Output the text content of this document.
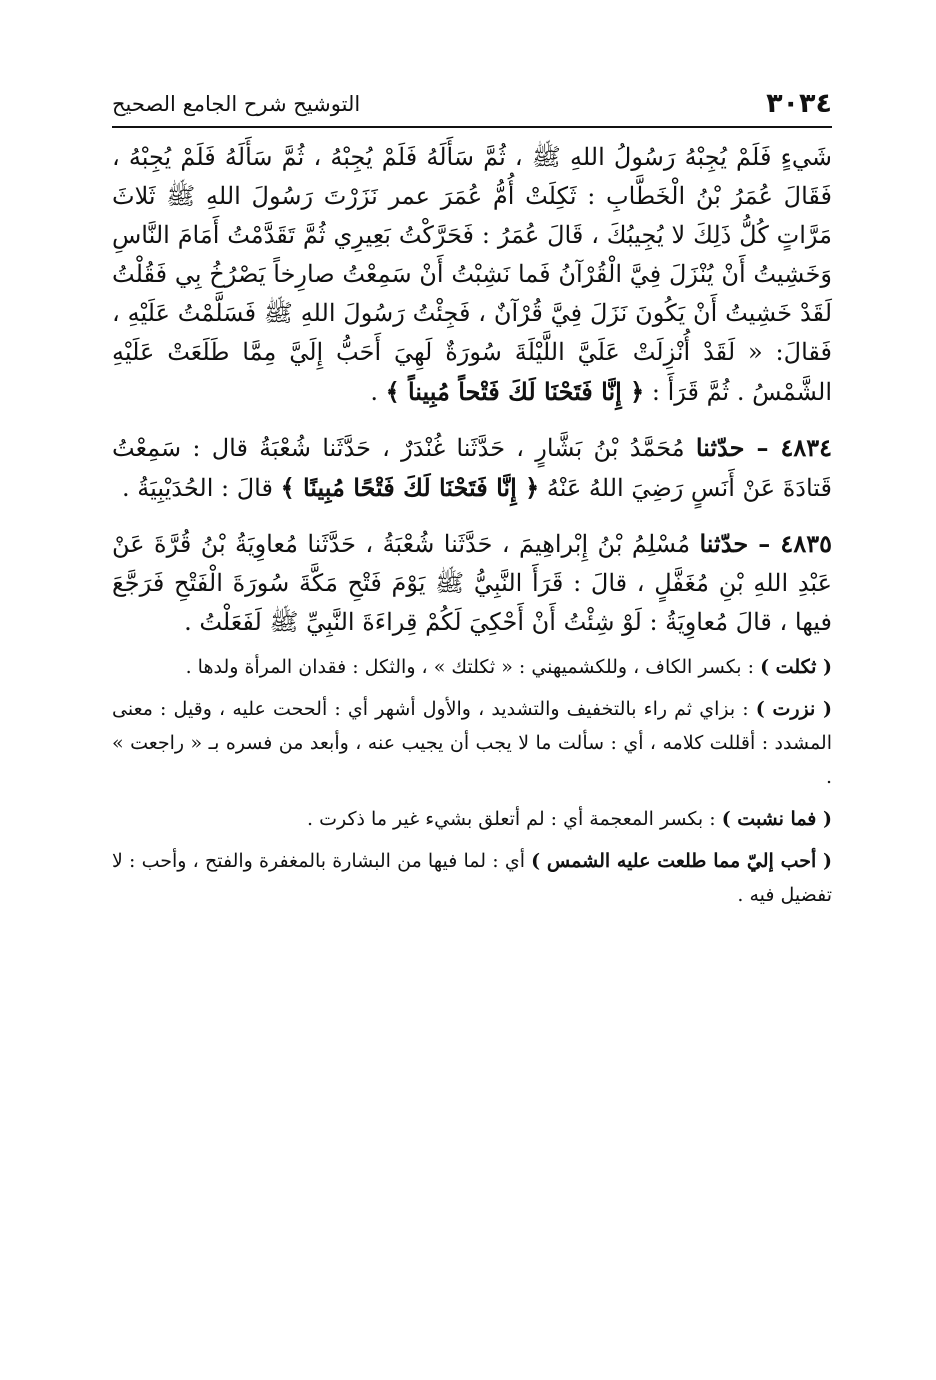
٣٠٣٤
التوشيح شرح الجامع الصحيح

شَيءٍ فَلَمْ يُجِبْهُ رَسُولُ اللهِ ﷺ ، ثُمَّ سَأَلَهُ فَلَمْ يُجِبْهُ ، ثُمَّ سَأَلَهُ فَلَمْ يُجِبْهُ ، فَقَالَ عُمَرُ بْنُ الْخَطَّابِ : ثَكِلَتْ أُمُّ عُمَرَ عمر نَزَرْتَ رَسُولَ اللهِ ﷺ ثَلاثَ مَرَّاتٍ كُلُّ ذَلِكَ لا يُجِيبُكَ ، قَالَ عُمَرُ : فَحَرَّكْتُ بَعِيرِي ثُمَّ تَقَدَّمْتُ أَمَامَ النَّاسِ وَخَشِيتُ أَنْ يُنْزَلَ فِيَّ الْقُرْآنُ فَما نَشِبْتُ أَنْ سَمِعْتُ صارِخاً يَصْرُخُ بِي فَقُلْتُ لَقَدْ خَشِيتُ أَنْ يَكُونَ نَزَلَ فِيَّ قُرْآنٌ ، فَجِئْتُ رَسُولَ اللهِ ﷺ فَسَلَّمْتُ عَلَيْهِ ، فَقالَ: « لَقَدْ أُنْزِلَتْ عَلَيَّ اللَّيْلَةَ سُورَةٌ لَهِيَ أَحَبُّ إِلَيَّ مِمَّا طَلَعَتْ عَلَيْهِ الشَّمْسُ . ثُمَّ قَرَأَ : ﴿ إِنَّا فَتَحْنَا لَكَ فَتْحاً مُبِيناً ﴾ .

٤٨٣٤ – حدّثنا مُحَمَّدُ بْنُ بَشَّارٍ ، حَدَّثَنا غُنْدَرٌ ، حَدَّثَنا شُعْبَةُ قال : سَمِعْتُ قَتادَةَ عَنْ أَنَسٍ رَضِيَ اللهُ عَنْهُ ﴿ إِنَّا فَتَحْنَا لَكَ فَتْحًا مُبِينًا ﴾ قالَ : الحُدَيْبِيَةُ .

٤٨٣٥ – حدّثنا مُسْلِمُ بْنُ إِبْراهِيمَ ، حَدَّثَنا شُعْبَةُ ، حَدَّثَنا مُعاوِيَةُ بْنُ قُرَّةَ عَنْ عَبْدِ اللهِ بْنِ مُغَفَّلٍ ، قالَ : قَرَأَ النَّبِيُّ ﷺ يَوْمَ فَتْحِ مَكَّةَ سُورَةَ الْفَتْحِ فَرَجَّعَ فيها ، قالَ مُعاوِيَةُ : لَوْ شِئْتُ أَنْ أَحْكِيَ لَكُمْ قِراءَةَ النَّبِيِّ ﷺ لَفَعَلْتُ .

( ثكلت ) : بكسر الكاف ، وللكشميهني : « ثكلتك » ، والثكل : فقدان المرأة ولدها .

( نزرت ) : بزاي ثم راء بالتخفيف والتشديد ، والأول أشهر أي : ألححت عليه ، وقيل : معنى المشدد : أقللت كلامه ، أي : سألت ما لا يجب أن يجيب عنه ، وأبعد من فسره بـ « راجعت » .

( فما نشبت ) : بكسر المعجمة أي : لم أتعلق بشيء غير ما ذكرت .

( أحب إليّ مما طلعت عليه الشمس ) أي : لما فيها من البشارة بالمغفرة والفتح ، وأحب : لا تفضيل فيه .
